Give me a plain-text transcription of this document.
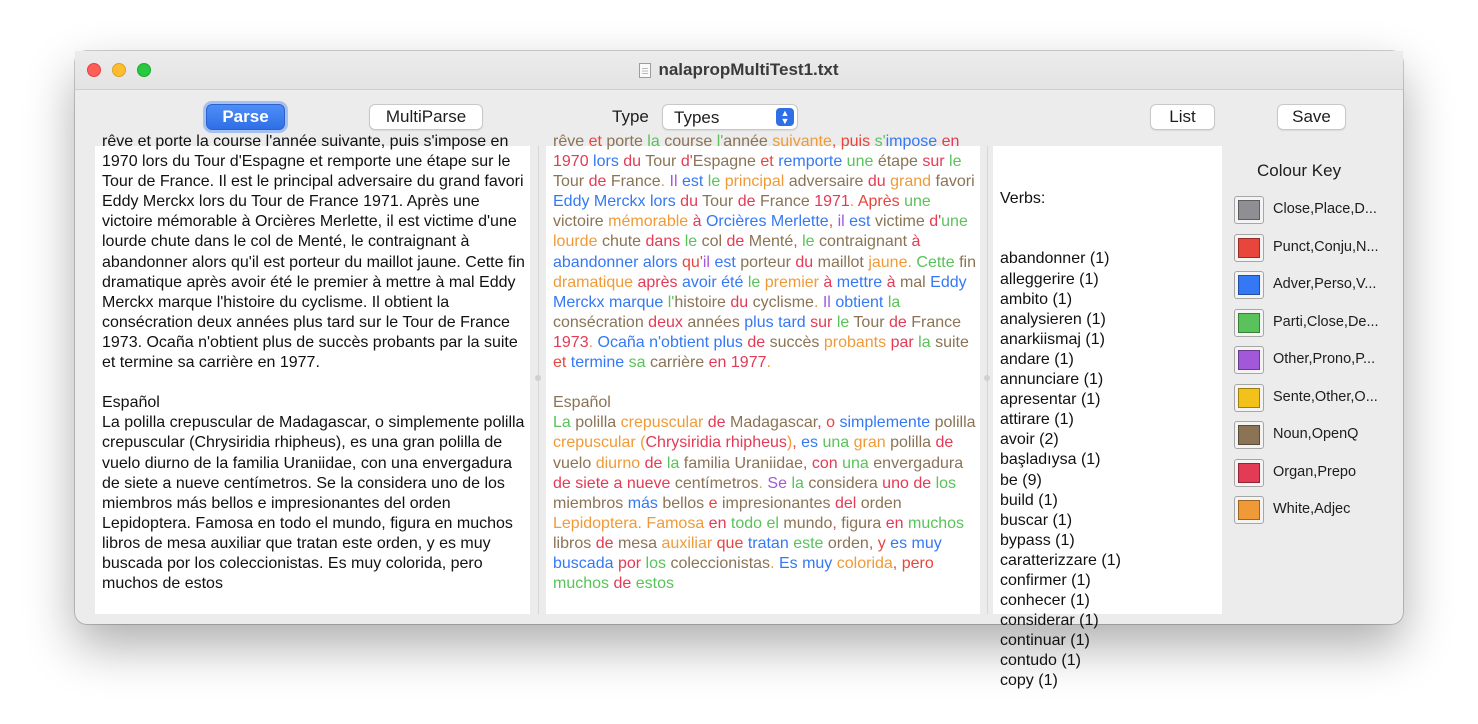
nalapropMultiTest1.txt
Parse	MultiParse	Type Types	▲
▼	List	Save
rêve et porte la course l'année suivante, puis s'impose en 1970 lors du Tour d'Espagne et remporte une étape sur le Tour de France. Il est le principal adversaire du grand favori Eddy Merckx lors du Tour de France 1971. Après une victoire mémorable à Orcières Merlette, il est victime d'une lourde chute dans le col de Menté, le contraignant à abandonner alors qu'il est porteur du maillot jaune. Cette fin dramatique après avoir été le premier à mettre à mal Eddy Merckx marque l'histoire du cyclisme. Il obtient la consécration deux années plus tard sur le Tour de France 1973. Ocaña n'obtient plus de succès probants par la suite et termine sa carrière en 1977.

Español
La polilla crepuscular de Madagascar, o simplemente polilla crepuscular (Chrysiridia rhipheus), es una gran polilla de vuelo diurno de la familia Uraniidae, con una envergadura de siete a nueve centímetros. Se la considera uno de los miembros más bellos e impresionantes del orden Lepidoptera. Famosa en todo el mundo, figura en muchos libros de mesa auxiliar que tratan este orden, y es muy buscada por los coleccionistas. Es muy colorida, pero muchos de estos
rêve et porte la course l'année suivante, puis s'impose en 1970 lors du Tour d'Espagne et remporte une étape sur le Tour de France. Il est le principal adversaire du grand favori Eddy Merckx lors du Tour de France 1971. Après une victoire mémorable à Orcières Merlette, il est victime d'une lourde chute dans le col de Menté, le contraignant à abandonner alors qu'il est porteur du maillot jaune. Cette fin dramatique après avoir été le premier à mettre à mal Eddy Merckx marque l'histoire du cyclisme. Il obtient la consécration deux années plus tard sur le Tour de France 1973. Ocaña n'obtient plus de succès probants par la suite et termine sa carrière en 1977.

Español
La polilla crepuscular de Madagascar, o simplemente polilla crepuscular (Chrysiridia rhipheus), es una gran polilla de vuelo diurno de la familia Uraniidae, con una envergadura de siete a nueve centímetros. Se la considera uno de los miembros más bellos e impresionantes del orden Lepidoptera. Famosa en todo el mundo, figura en muchos libros de mesa auxiliar que tratan este orden, y es muy buscada por los coleccionistas. Es muy colorida, pero muchos de estos

Verbs:

abandonner (1)
alleggerire (1)
ambito (1)
analysieren (1)
anarkiismaj (1)
andare (1)
annunciare (1)
apresentar (1)
attirare (1)
avoir (2)
başladıysa (1)
be (9)
build (1)
buscar (1)
bypass (1)
caratterizzare (1)
confirmer (1)
conhecer (1)
considerar (1)
continuar (1)
contudo (1)
copy (1)
Colour Key
Close,Place,D...
Punct,Conju,N...
Adver,Perso,V...
Parti,Close,De...
Other,Prono,P...
Sente,Other,O...
Noun,OpenQ
Organ,Prepo
White,Adjec
